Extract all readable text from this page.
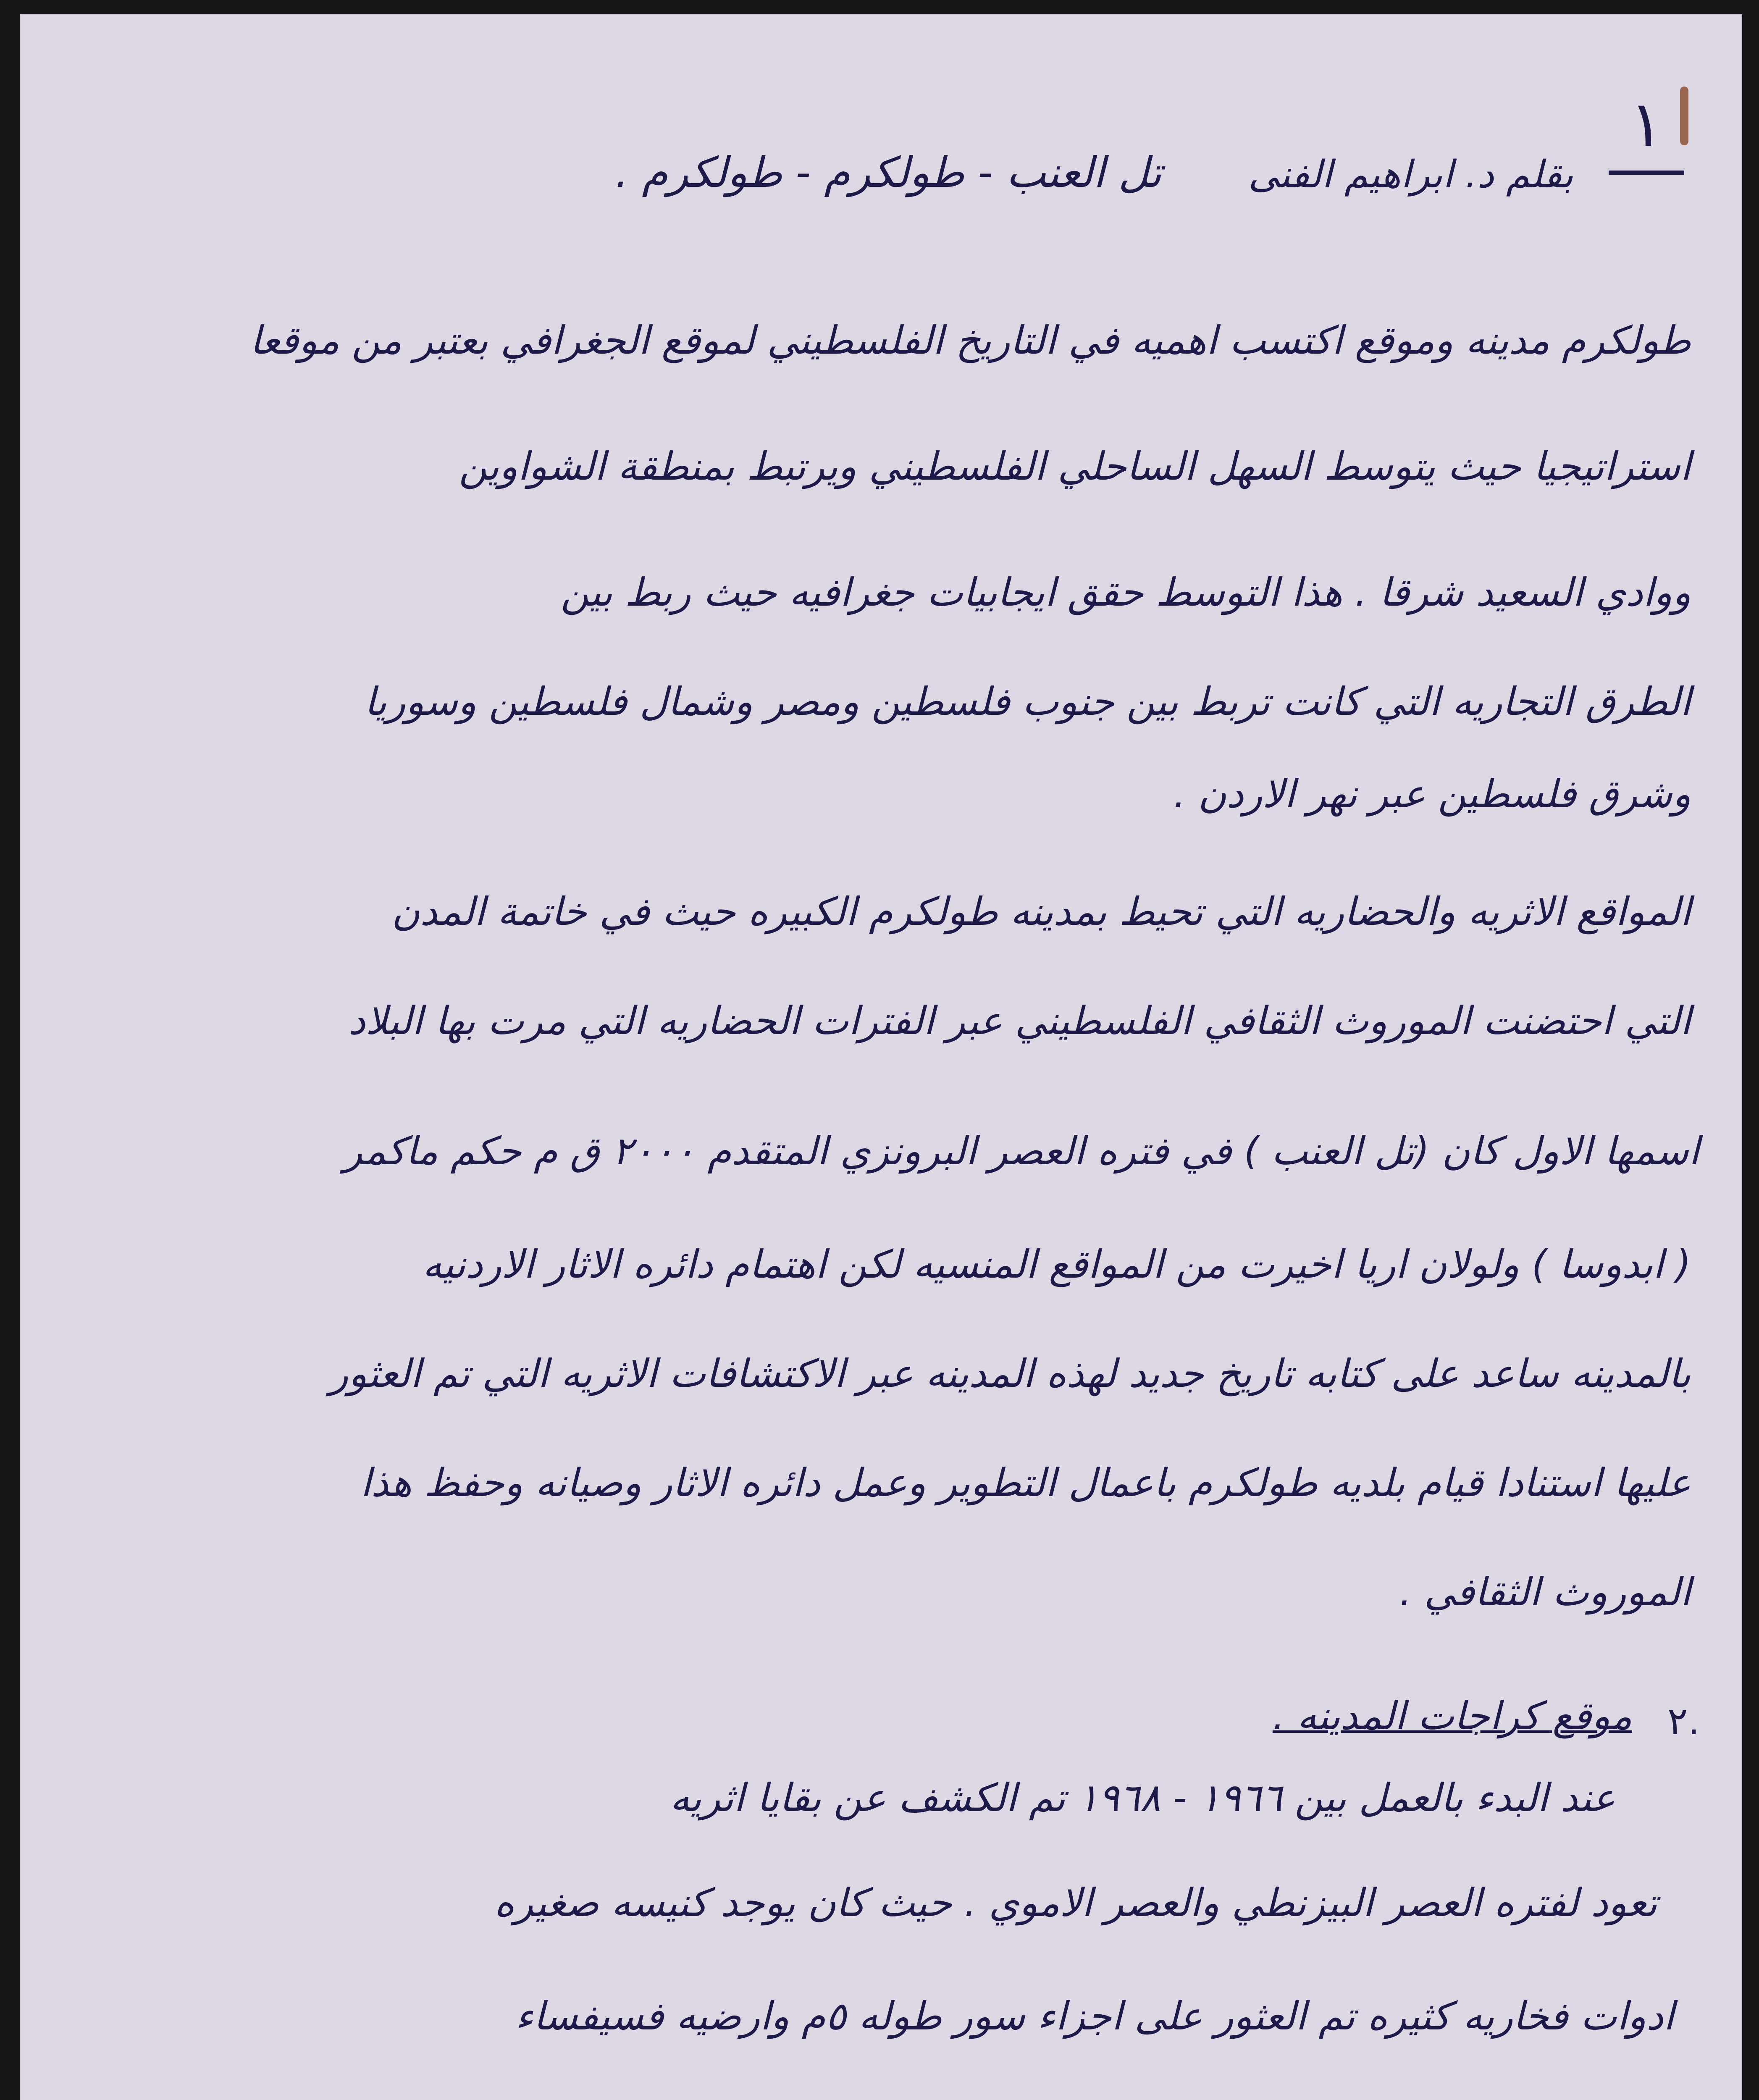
١
تل العنب - طولكرم - طولكرم . بقلم د. ابراهيم الفنى
طولكرم مدينه وموقع اكتسب اهميه في التاريخ الفلسطيني لموقع الجغرافي بعتبر من موقعا
استراتيجيا حيث يتوسط السهل الساحلي الفلسطيني ويرتبط بمنطقة الشواوين
ووادي السعيد شرقا . هذا التوسط حقق ايجابيات جغرافيه حيث ربط بين
الطرق التجاريه التي كانت تربط بين جنوب فلسطين ومصر وشمال فلسطين وسوريا
وشرق فلسطين عبر نهر الاردن .
المواقع الاثريه والحضاريه التي تحيط بمدينه طولكرم الكبيره حيث في خاتمة المدن
التي احتضنت الموروث الثقافي الفلسطيني عبر الفترات الحضاريه التي مرت بها البلاد
اسمها الاول كان (تل العنب ) في فتره العصر البرونزي المتقدم ٢٠٠٠ ق م حكم ماكمر
( ابدوسا ) ولولان اريا اخيرت من المواقع المنسيه لكن اهتمام دائره الاثار الاردنيه
بالمدينه ساعد على كتابه تاريخ جديد لهذه المدينه عبر الاكتشافات الاثريه التي تم العثور
عليها استنادا قيام بلديه طولكرم باعمال التطوير وعمل دائره الاثار وصيانه وحفظ هذا
الموروث الثقافي .
٢.
موقع كراجات المدينه .
عند البدء بالعمل بين ١٩٦٦ - ١٩٦٨ تم الكشف عن بقايا اثريه
تعود لفتره العصر البيزنطي والعصر الاموي . حيث كان يوجد كنيسه صغيره
ادوات فخاريه كثيره تم العثور على اجزاء سور طوله ٥م وارضيه فسيفساء
